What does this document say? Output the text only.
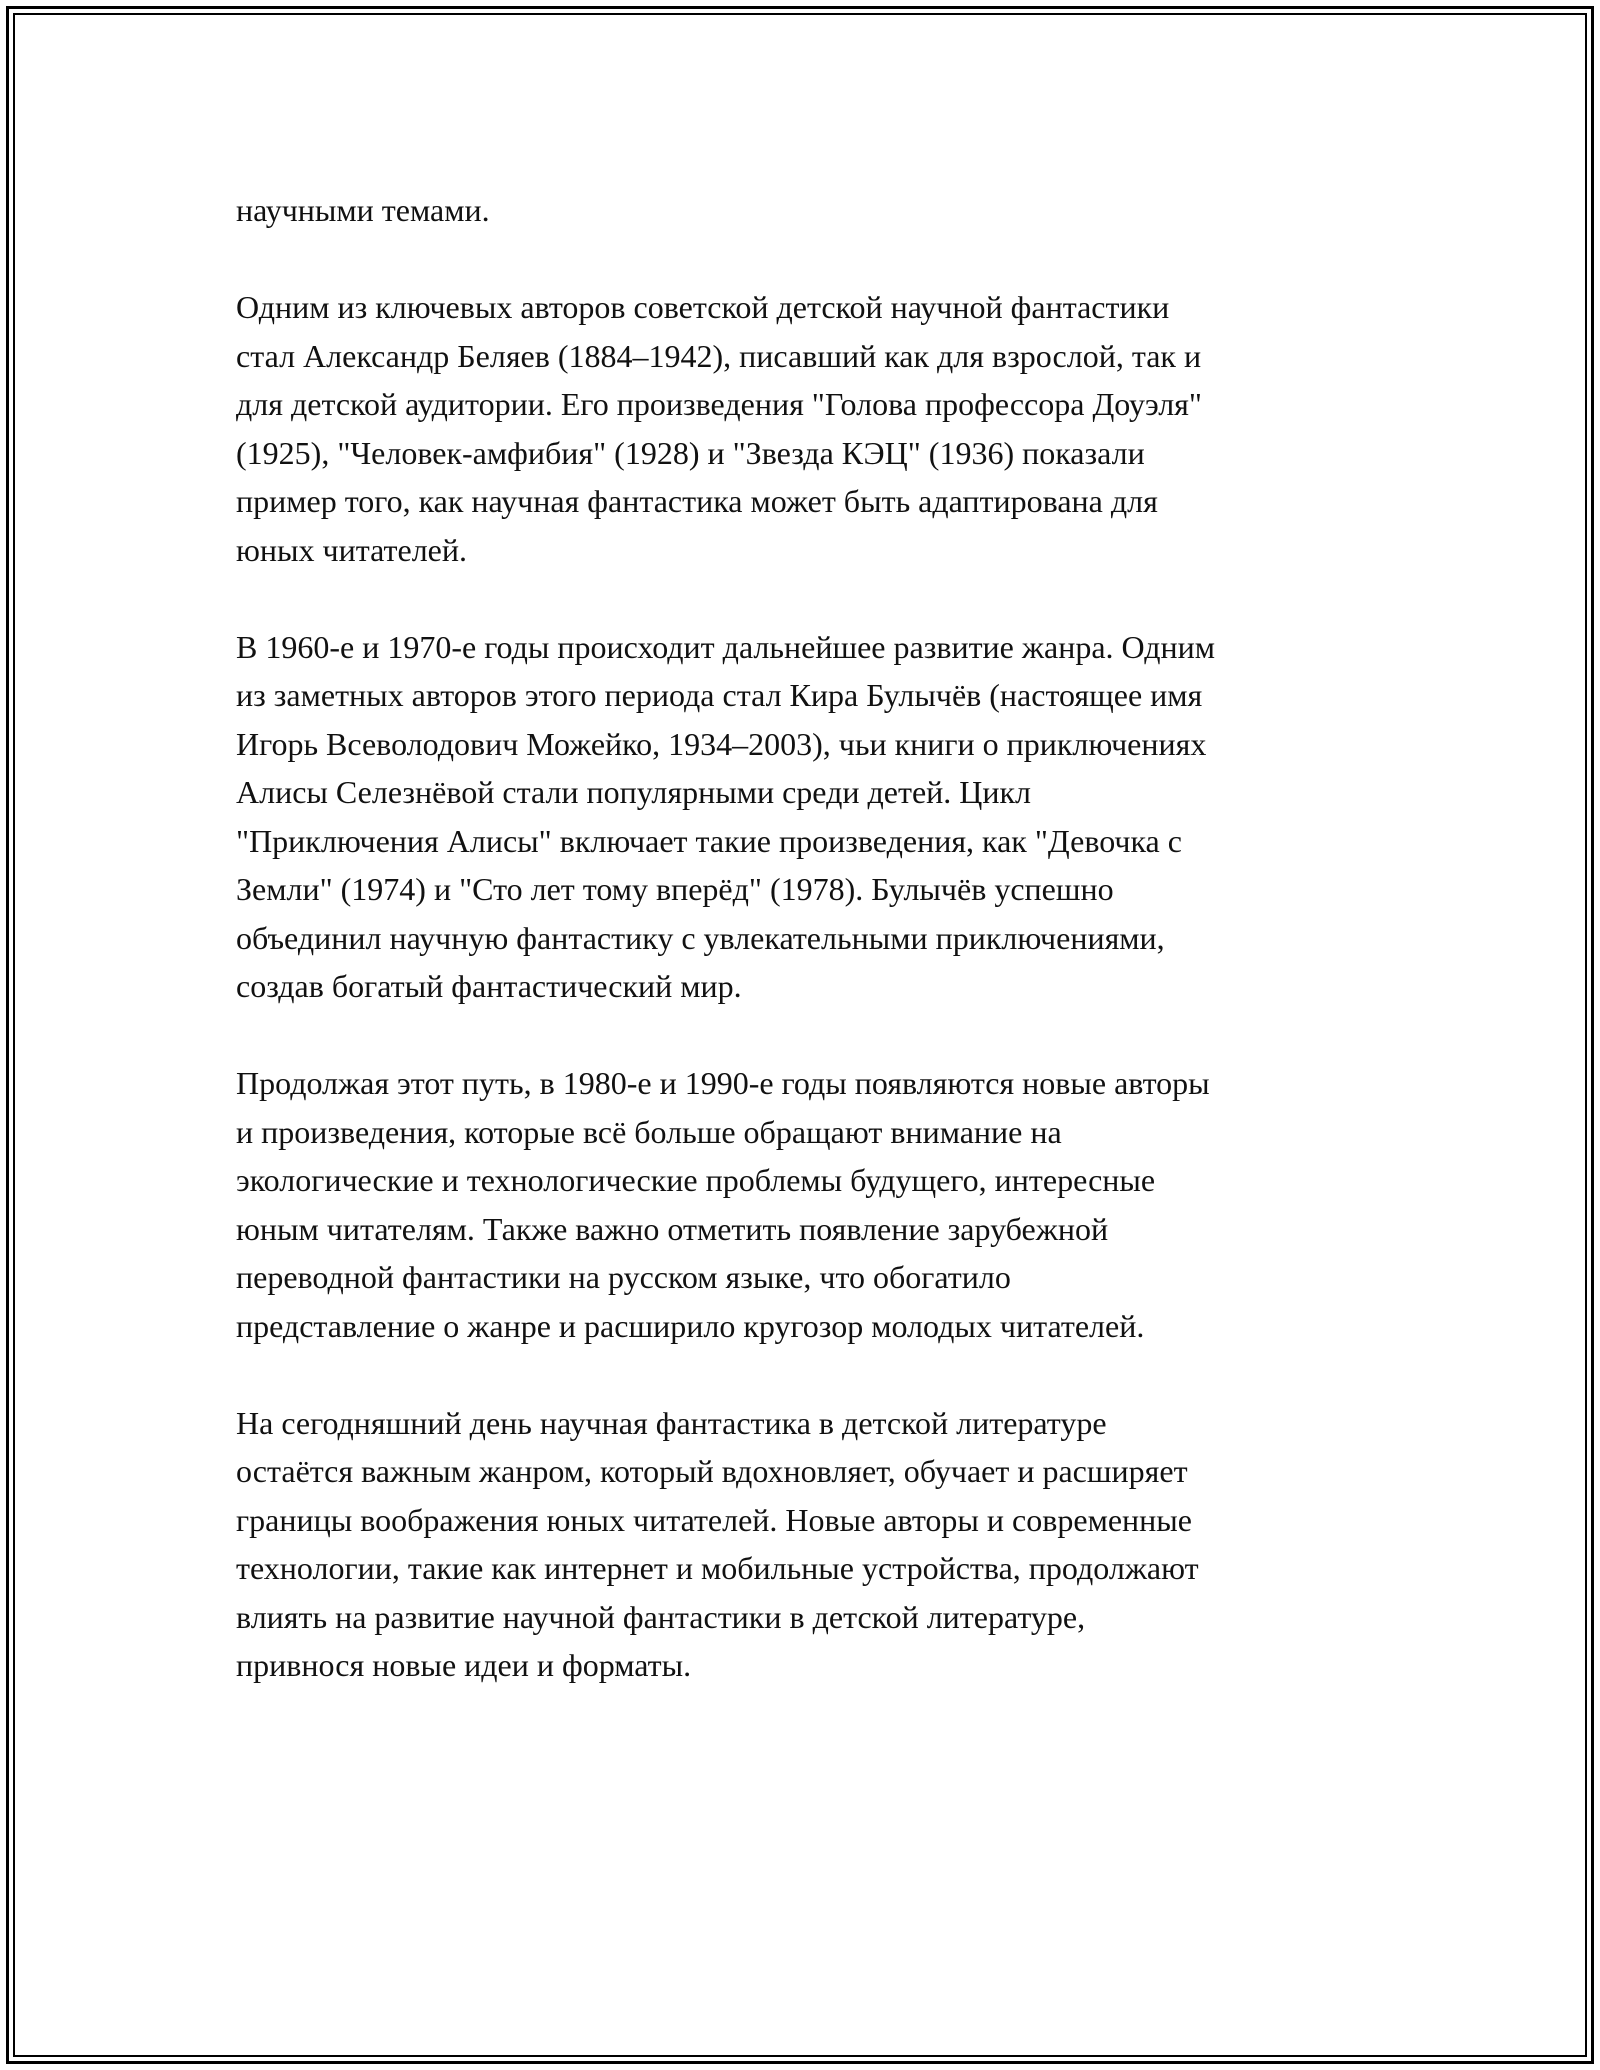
научными темами.

Одним из ключевых авторов советской детской научной фантастики
стал Александр Беляев (1884–1942), писавший как для взрослой, так и
для детской аудитории. Его произведения "Голова профессора Доуэля"
(1925), "Человек-амфибия" (1928) и "Звезда КЭЦ" (1936) показали
пример того, как научная фантастика может быть адаптирована для
юных читателей.

В 1960-е и 1970-е годы происходит дальнейшее развитие жанра. Одним
из заметных авторов этого периода стал Кира Булычёв (настоящее имя
Игорь Всеволодович Можейко, 1934–2003), чьи книги о приключениях
Алисы Селезнёвой стали популярными среди детей. Цикл
"Приключения Алисы" включает такие произведения, как "Девочка с
Земли" (1974) и "Сто лет тому вперёд" (1978). Булычёв успешно
объединил научную фантастику с увлекательными приключениями,
создав богатый фантастический мир.

Продолжая этот путь, в 1980-е и 1990-е годы появляются новые авторы
и произведения, которые всё больше обращают внимание на
экологические и технологические проблемы будущего, интересные
юным читателям. Также важно отметить появление зарубежной
переводной фантастики на русском языке, что обогатило
представление о жанре и расширило кругозор молодых читателей.

На сегодняшний день научная фантастика в детской литературе
остаётся важным жанром, который вдохновляет, обучает и расширяет
границы воображения юных читателей. Новые авторы и современные
технологии, такие как интернет и мобильные устройства, продолжают
влиять на развитие научной фантастики в детской литературе,
привнося новые идеи и форматы.
